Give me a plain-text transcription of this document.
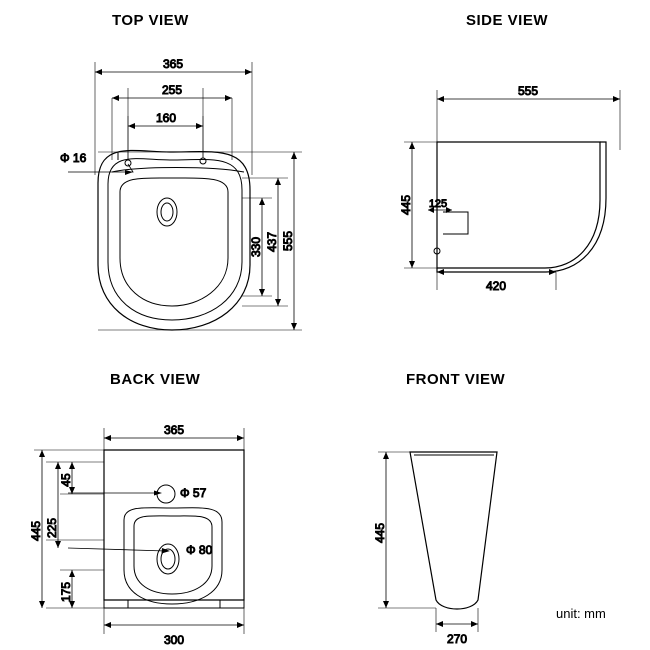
TOP VIEW	SIDE VIEW
BACK VIEW	FRONT VIEW
unit: mm
365
255
160
Φ 16
555
437
330
555
445 125
420
365
45
225
175
445
Φ 57
Φ 80
300
445
270
